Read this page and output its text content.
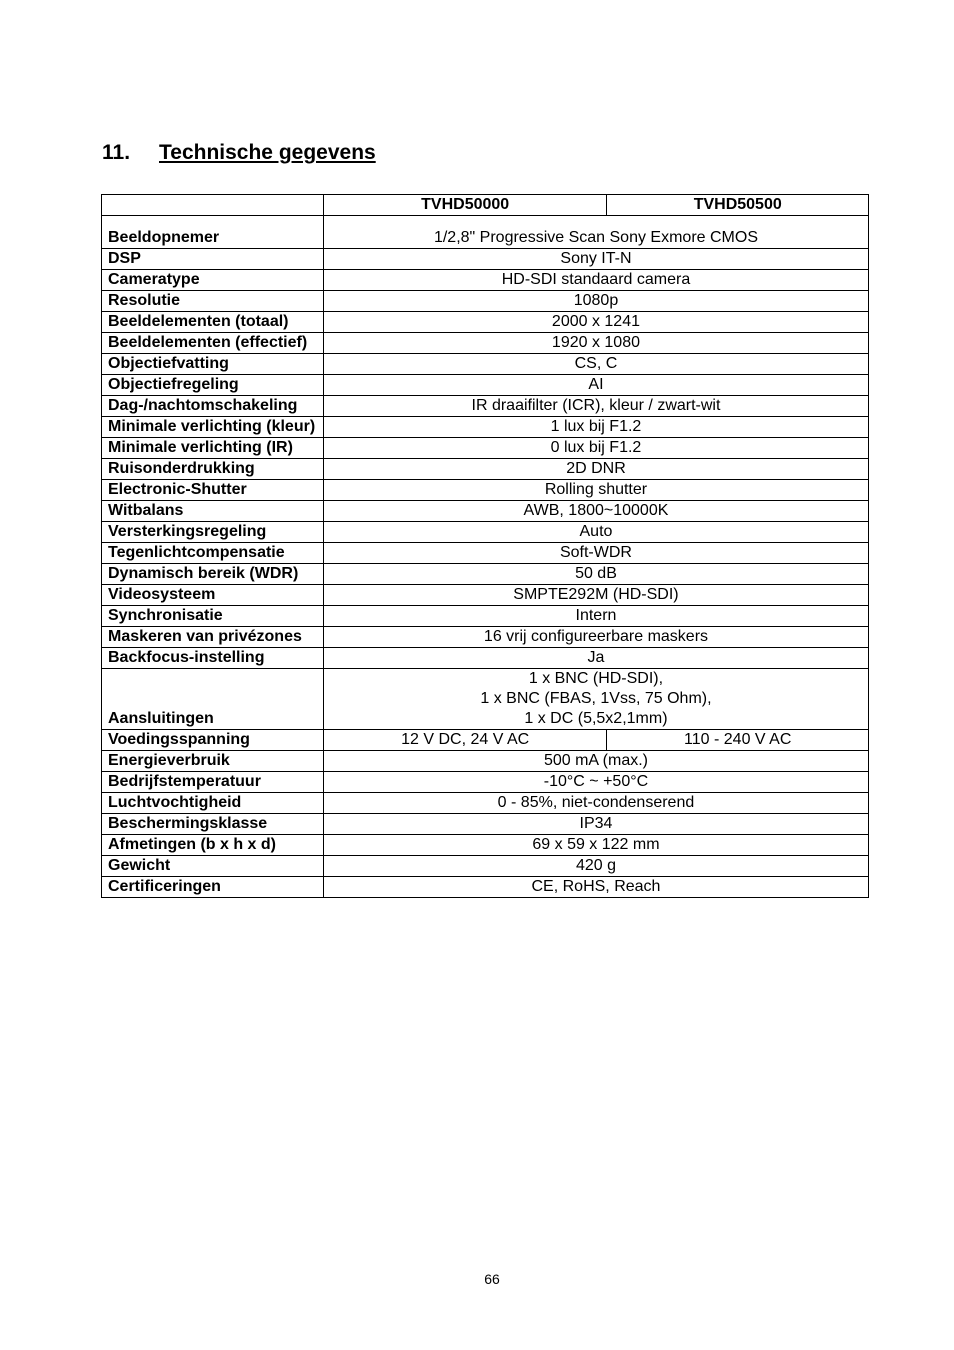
11. Technische gegevens
	TVHD50000	TVHD50500
Beeldopnemer	1/2,8" Progressive Scan Sony Exmore CMOS	
DSP	Sony IT-N	
Cameratype	HD-SDI standaard camera	
Resolutie	1080p	
Beeldelementen (totaal)	2000 x 1241	
Beeldelementen (effectief)	1920 x 1080	
Objectiefvatting	CS, C	
Objectiefregeling	AI	
Dag-/nachtomschakeling	IR draaifilter (ICR), kleur / zwart-wit	
Minimale verlichting (kleur)	1 lux bij F1.2	
Minimale verlichting (IR)	0 lux bij F1.2	
Ruisonderdrukking	2D DNR	
Electronic-Shutter	Rolling shutter	
Witbalans	AWB, 1800~10000K	
Versterkingsregeling	Auto	
Tegenlichtcompensatie	Soft-WDR	
Dynamisch bereik (WDR)	50 dB	
Videosysteem	SMPTE292M (HD-SDI)	
Synchronisatie	Intern	
Maskeren van privézones	16 vrij configureerbare maskers	
Backfocus-instelling	Ja	
Aansluitingen	1 x BNC (HD-SDI),
1 x BNC (FBAS, 1Vss, 75 Ohm),
1 x DC (5,5x2,1mm)	

Voedingsspanning	12 V DC, 24 V AC	110 - 240 V AC
Energieverbruik	500 mA (max.)	
Bedrijfstemperatuur	-10°C ~ +50°C	
Luchtvochtigheid	0 - 85%, niet-condenserend	
Beschermingsklasse	IP34	
Afmetingen (b x h x d)	69 x 59 x 122 mm	
Gewicht	420 g	
Certificeringen	CE, RoHS, Reach	
66
